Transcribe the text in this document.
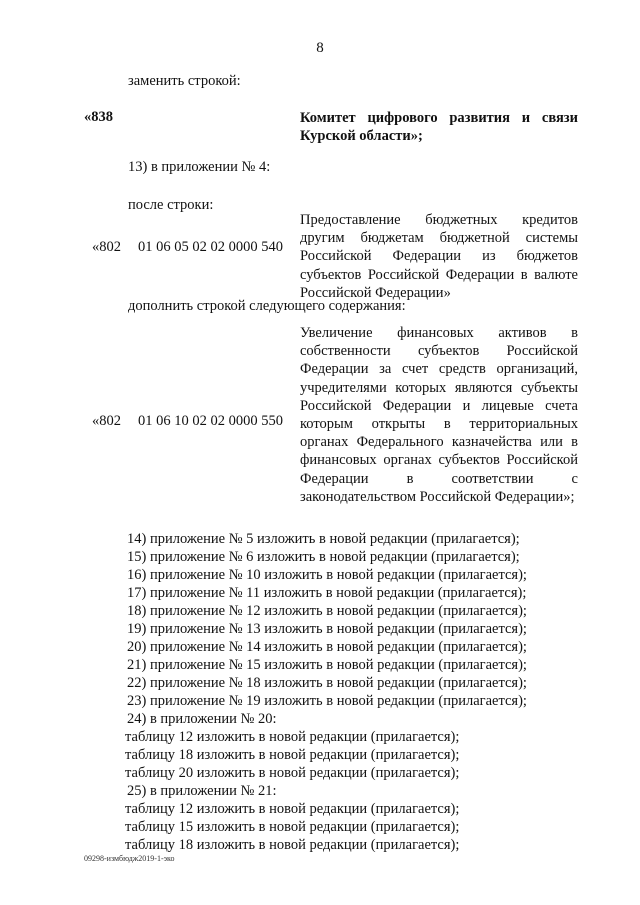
8
заменить строкой:
«838	Комитет цифрового развития и связи Курской области»;
13) в приложении № 4:
после строки:
Предоставление бюджетных кредитов другим бюджетам бюджетной системы Российской Федерации из бюджетов субъектов Российской Федерации в валюте Российской Федерации»
«802 01 06 05 02 02 0000 540
дополнить строкой следующего содержания:
Увеличение финансовых активов в собственности субъектов Российской Федерации за счет средств организаций, учредителями которых являются субъекты Российской Федерации и лицевые счета которым открыты в территориальных органах Федерального казначейства или в финансовых органах субъектов Российской Федерации в соответствии с законодательством Российской Федерации»;
«802 01 06 10 02 02 0000 550
14) приложение № 5 изложить в новой редакции (прилагается);
15) приложение № 6 изложить в новой редакции (прилагается);
16) приложение № 10 изложить в новой редакции (прилагается);
17) приложение № 11 изложить в новой редакции (прилагается);
18) приложение № 12 изложить в новой редакции (прилагается);
19) приложение № 13 изложить в новой редакции (прилагается);
20) приложение № 14 изложить в новой редакции (прилагается);
21) приложение № 15 изложить в новой редакции (прилагается);
22) приложение № 18 изложить в новой редакции (прилагается);
23) приложение № 19 изложить в новой редакции (прилагается);
24) в приложении № 20:
таблицу 12 изложить в новой редакции (прилагается);
таблицу 18 изложить в новой редакции (прилагается);
таблицу 20 изложить в новой редакции (прилагается);
25) в приложении № 21:
таблицу 12 изложить в новой редакции (прилагается);
таблицу 15 изложить в новой редакции (прилагается);
таблицу 18 изложить в новой редакции (прилагается);
09298-измбюдж2019-1-эко
